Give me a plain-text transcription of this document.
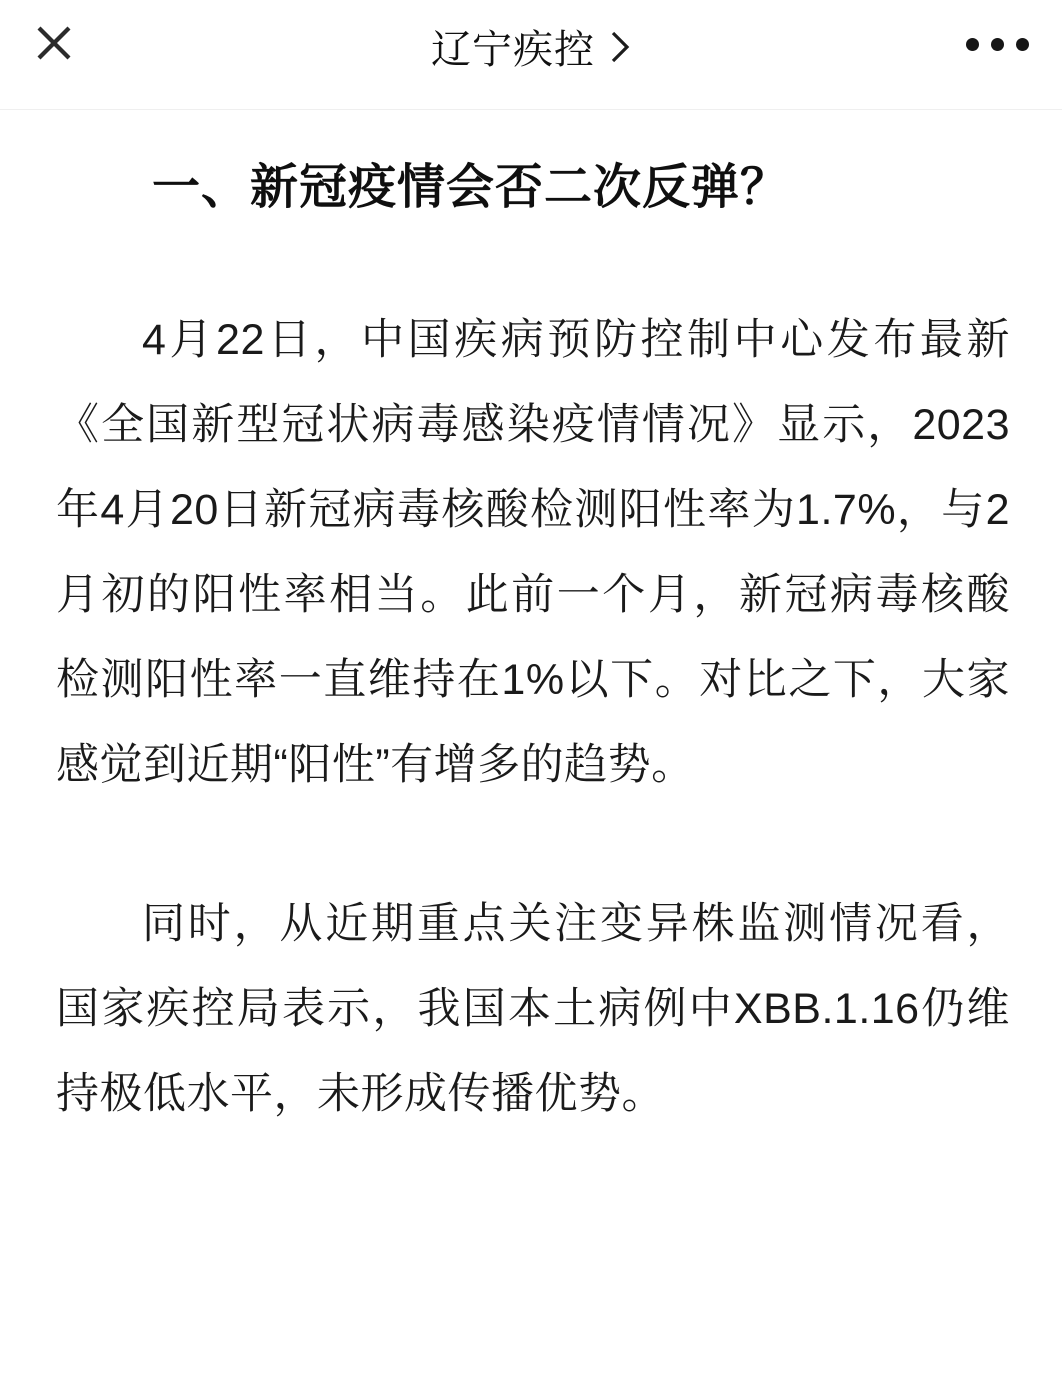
辽宁疾控
一、新冠疫情会否二次反弹？

4月22日，中国疾病预防控制中心发布最新《全国新型冠状病毒感染疫情情况》显示，2023年4月20日新冠病毒核酸检测阳性率为1.7%，与2月初的阳性率相当。此前一个月，新冠病毒核酸检测阳性率一直维持在1%以下。对比之下，大家感觉到近期“阳性”有增多的趋势。

同时，从近期重点关注变异株监测情况看，国家疾控局表示，我国本土病例中XBB.1.16仍维持极低水平，未形成传播优势。
